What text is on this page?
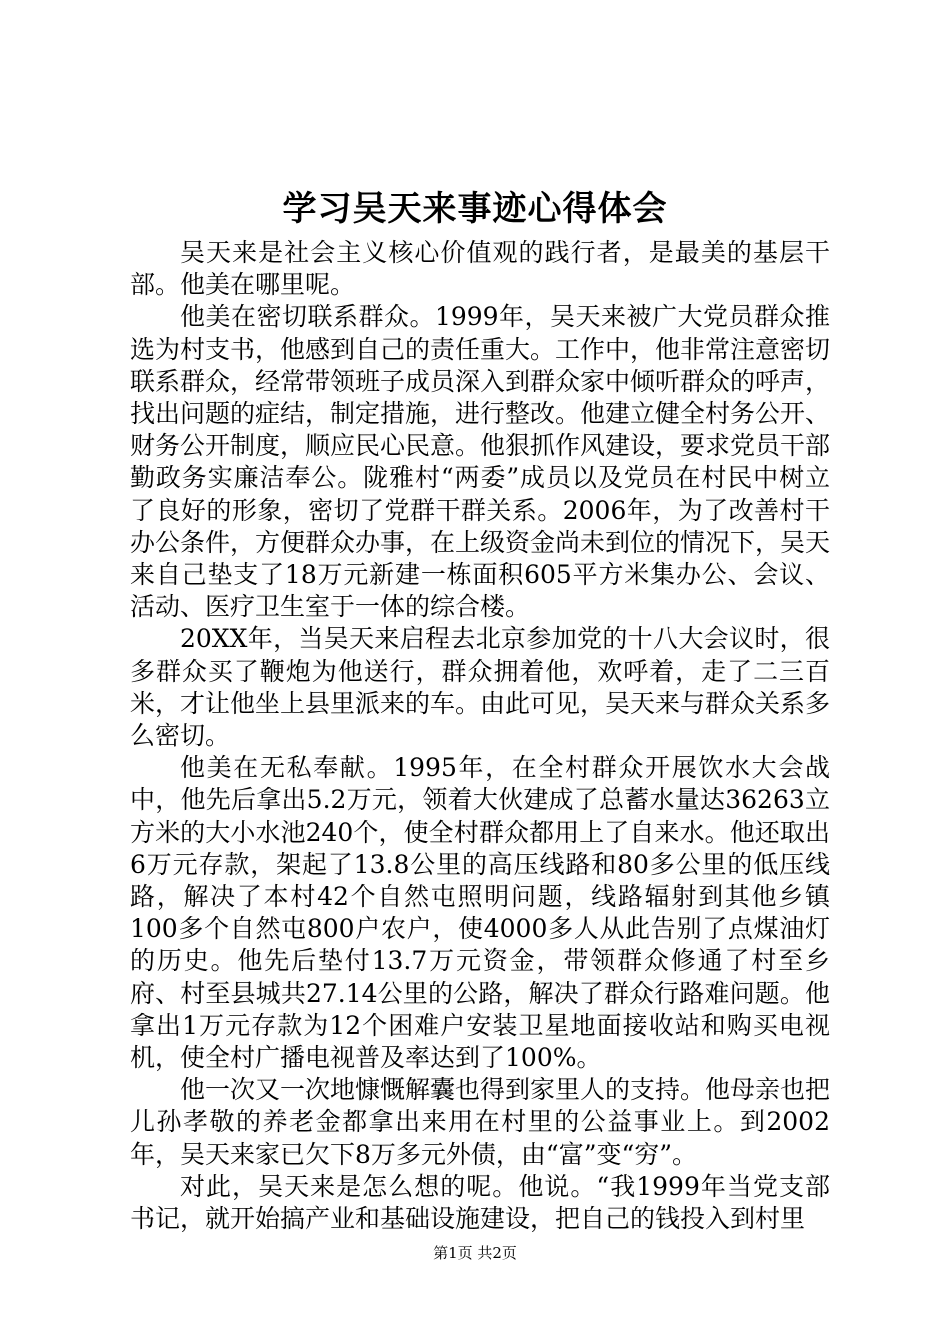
学习吴天来事迹心得体会

吴天来是社会主义核心价值观的践行者，是最美的基层干部。他美在哪里呢。

他美在密切联系群众。1999年，吴天来被广大党员群众推选为村支书，他感到自己的责任重大。工作中，他非常注意密切联系群众，经常带领班子成员深入到群众家中倾听群众的呼声，找出问题的症结，制定措施，进行整改。他建立健全村务公开、财务公开制度，顺应民心民意。他狠抓作风建设，要求党员干部勤政务实廉洁奉公。陇雅村“两委”成员以及党员在村民中树立了良好的形象，密切了党群干群关系。2006年，为了改善村干办公条件，方便群众办事，在上级资金尚未到位的情况下，吴天来自己垫支了18万元新建一栋面积605平方米集办公、会议、活动、医疗卫生室于一体的综合楼。

20XX年，当吴天来启程去北京参加党的十八大会议时，很多群众买了鞭炮为他送行，群众拥着他，欢呼着，走了二三百米，才让他坐上县里派来的车。由此可见，吴天来与群众关系多么密切。

他美在无私奉献。1995年，在全村群众开展饮水大会战中，他先后拿出5.2万元，领着大伙建成了总蓄水量达36263立方米的大小水池240个，使全村群众都用上了自来水。他还取出6万元存款，架起了13.8公里的高压线路和80多公里的低压线路，解决了本村42个自然屯照明问题，线路辐射到其他乡镇100多个自然屯800户农户，使4000多人从此告别了点煤油灯的历史。他先后垫付13.7万元资金，带领群众修通了村至乡府、村至县城共27.14公里的公路，解决了群众行路难问题。他拿出1万元存款为12个困难户安装卫星地面接收站和购买电视机，使全村广播电视普及率达到了100%。

他一次又一次地慷慨解囊也得到家里人的支持。他母亲也把儿孙孝敬的养老金都拿出来用在村里的公益事业上。到2002年，吴天来家已欠下8万多元外债，由“富”变“穷”。

对此，吴天来是怎么想的呢。他说。“我1999年当党支部书记，就开始搞产业和基础设施建设，把自己的钱投入到村里

第1页 共2页
